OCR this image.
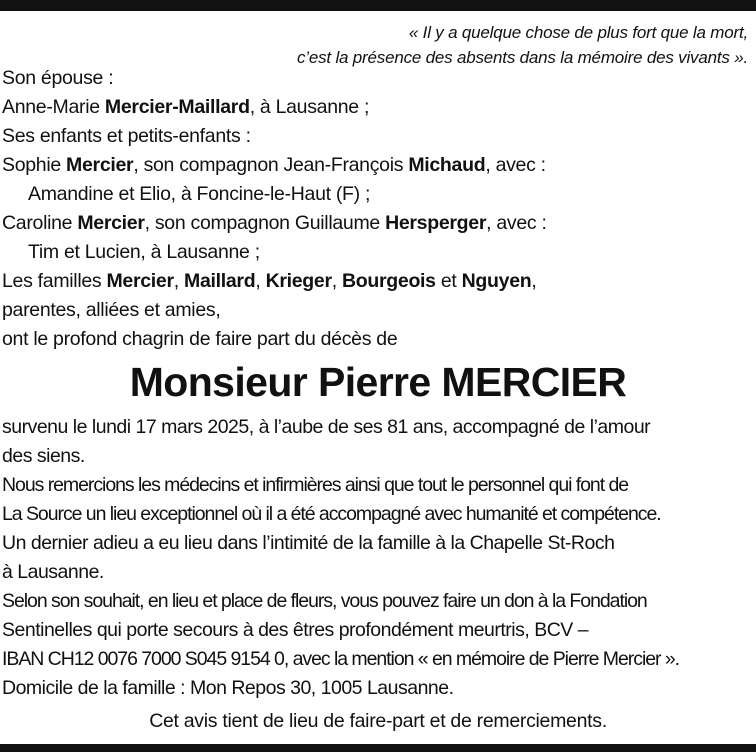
« Il y a quelque chose de plus fort que la mort,
c’est la présence des absents dans la mémoire des vivants ».
Son épouse :
Anne-Marie Mercier-Maillard, à Lausanne ;
Ses enfants et petits-enfants :
Sophie Mercier, son compagnon Jean-François Michaud, avec :
Amandine et Elio, à Foncine-le-Haut (F) ;
Caroline Mercier, son compagnon Guillaume Hersperger, avec :
Tim et Lucien, à Lausanne ;
Les familles Mercier, Maillard, Krieger, Bourgeois et Nguyen,
parentes, alliées et amies,
ont le profond chagrin de faire part du décès de
Monsieur Pierre MERCIER
survenu le lundi 17 mars 2025, à l’aube de ses 81 ans, accompagné de l’amour
des siens.
Nous remercions les médecins et infirmières ainsi que tout le personnel qui font de
La Source un lieu exceptionnel où il a été accompagné avec humanité et compétence.
Un dernier adieu a eu lieu dans l’intimité de la famille à la Chapelle St-Roch
à Lausanne.
Selon son souhait, en lieu et place de fleurs, vous pouvez faire un don à la Fondation
Sentinelles qui porte secours à des êtres profondément meurtris, BCV –
IBAN CH12 0076 7000 S045 9154 0, avec la mention « en mémoire de Pierre Mercier ».
Domicile de la famille : Mon Repos 30, 1005 Lausanne.
Cet avis tient de lieu de faire-part et de remerciements.
